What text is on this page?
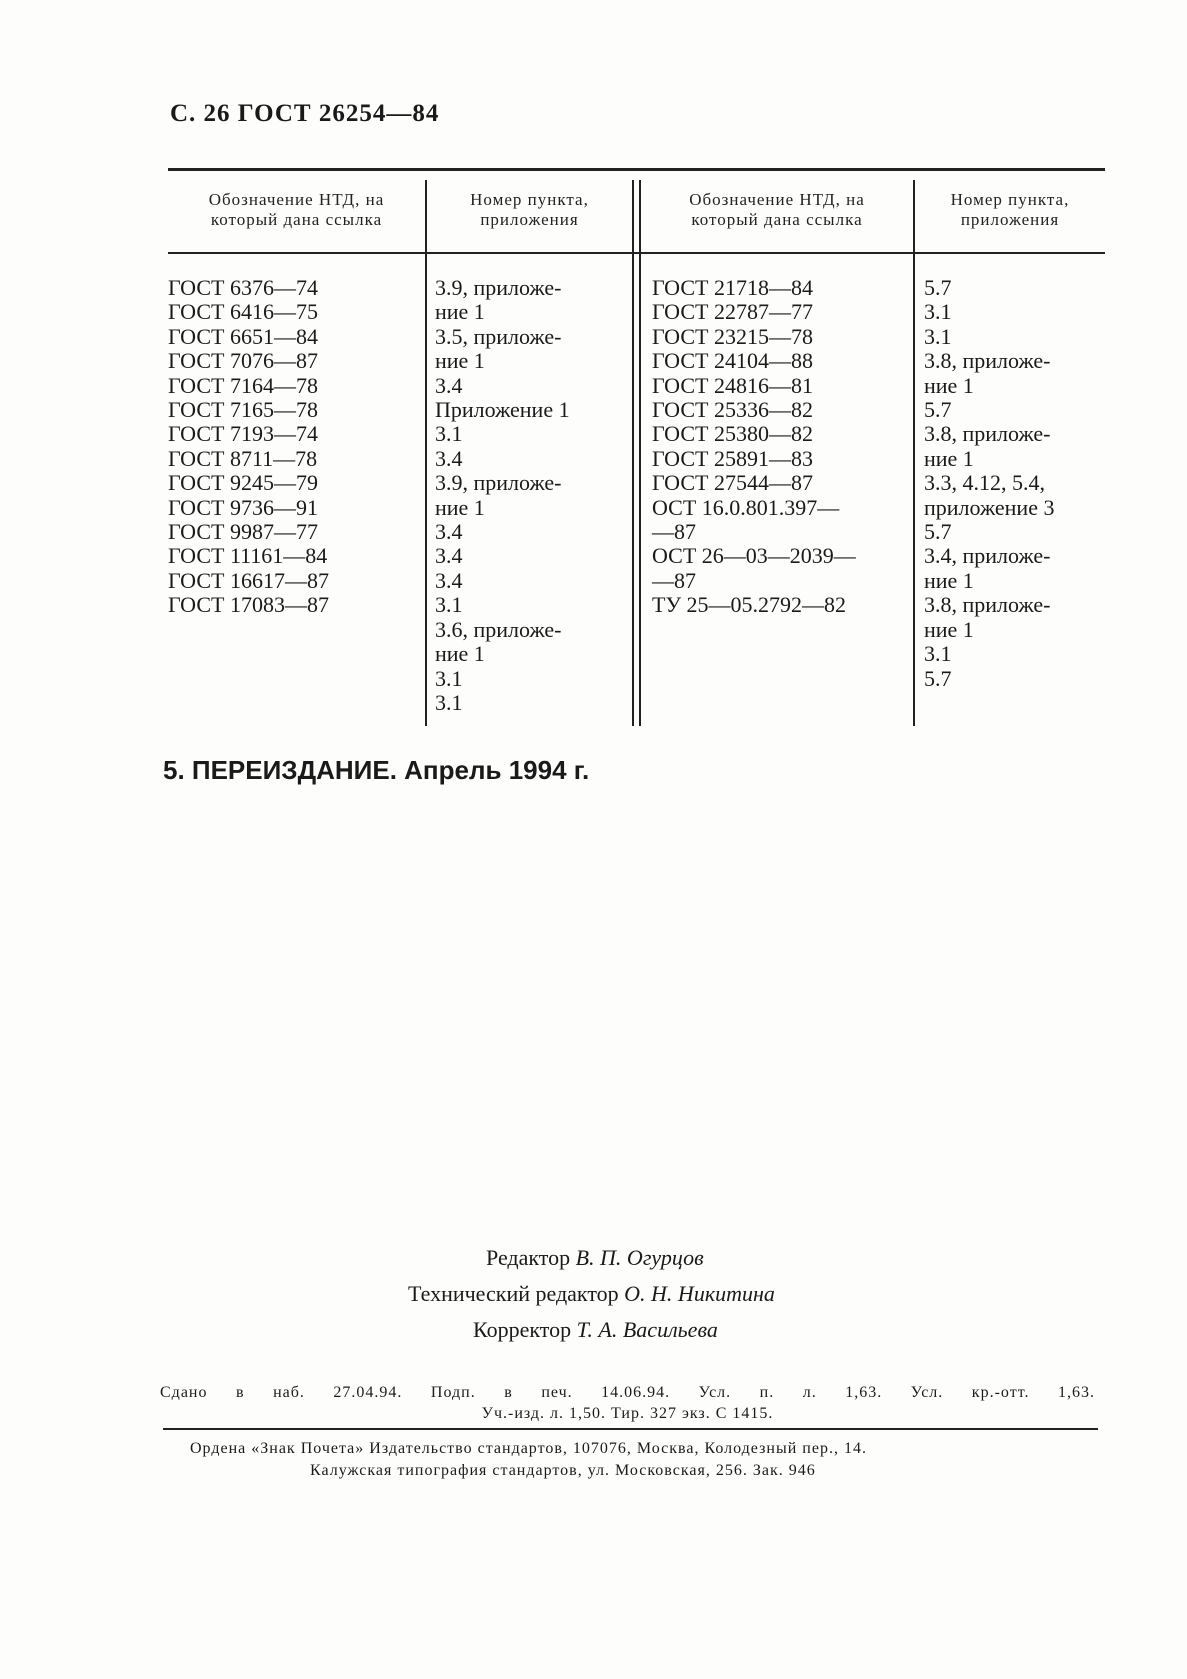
С. 26 ГОСТ 26254—84
Обозначение НТД, на
который дана ссылка
Номер пункта,
приложения
Обозначение НТД, на
который дана ссылка
Номер пункта,
приложения
ГОСТ 6376—74
ГОСТ 6416—75
ГОСТ 6651—84
ГОСТ 7076—87
ГОСТ 7164—78
ГОСТ 7165—78
ГОСТ 7193—74
ГОСТ 8711—78
ГОСТ 9245—79
ГОСТ 9736—91
ГОСТ 9987—77
ГОСТ 11161—84
ГОСТ 16617—87
ГОСТ 17083—87
3.9, приложе-
ние 1
3.5, приложе-
ние 1
3.4
Приложение 1
3.1
3.4
3.9, приложе-
ние 1
3.4
3.4
3.4
3.1
3.6, приложе-
ние 1
3.1
3.1
ГОСТ 21718—84
ГОСТ 22787—77
ГОСТ 23215—78
ГОСТ 24104—88
ГОСТ 24816—81
ГОСТ 25336—82
ГОСТ 25380—82
ГОСТ 25891—83
ГОСТ 27544—87
ОСТ 16.0.801.397—
—87
ОСТ 26—03—2039—
—87
ТУ 25—05.2792—82
5.7
3.1
3.1
3.8, приложе-
ние 1
5.7
3.8, приложе-
ние 1
3.3, 4.12, 5.4,
приложение 3
5.7
3.4, приложе-
ние 1
3.8, приложе-
ние 1
3.1
5.7
5. ПЕРЕИЗДАНИЕ. Апрель 1994 г.
Редактор В. П. Огурцов
Технический редактор О. Н. Никитина
Корректор Т. А. Васильева
Сдано в наб. 27.04.94. Подп. в печ. 14.06.94. Усл. п. л. 1,63. Усл. кр.-отт. 1,63.
Уч.-изд. л. 1,50. Тир. 327 экз. С 1415.
Ордена «Знак Почета» Издательство стандартов, 107076, Москва, Колодезный пер., 14.
Калужская типография стандартов, ул. Московская, 256. Зак. 946
